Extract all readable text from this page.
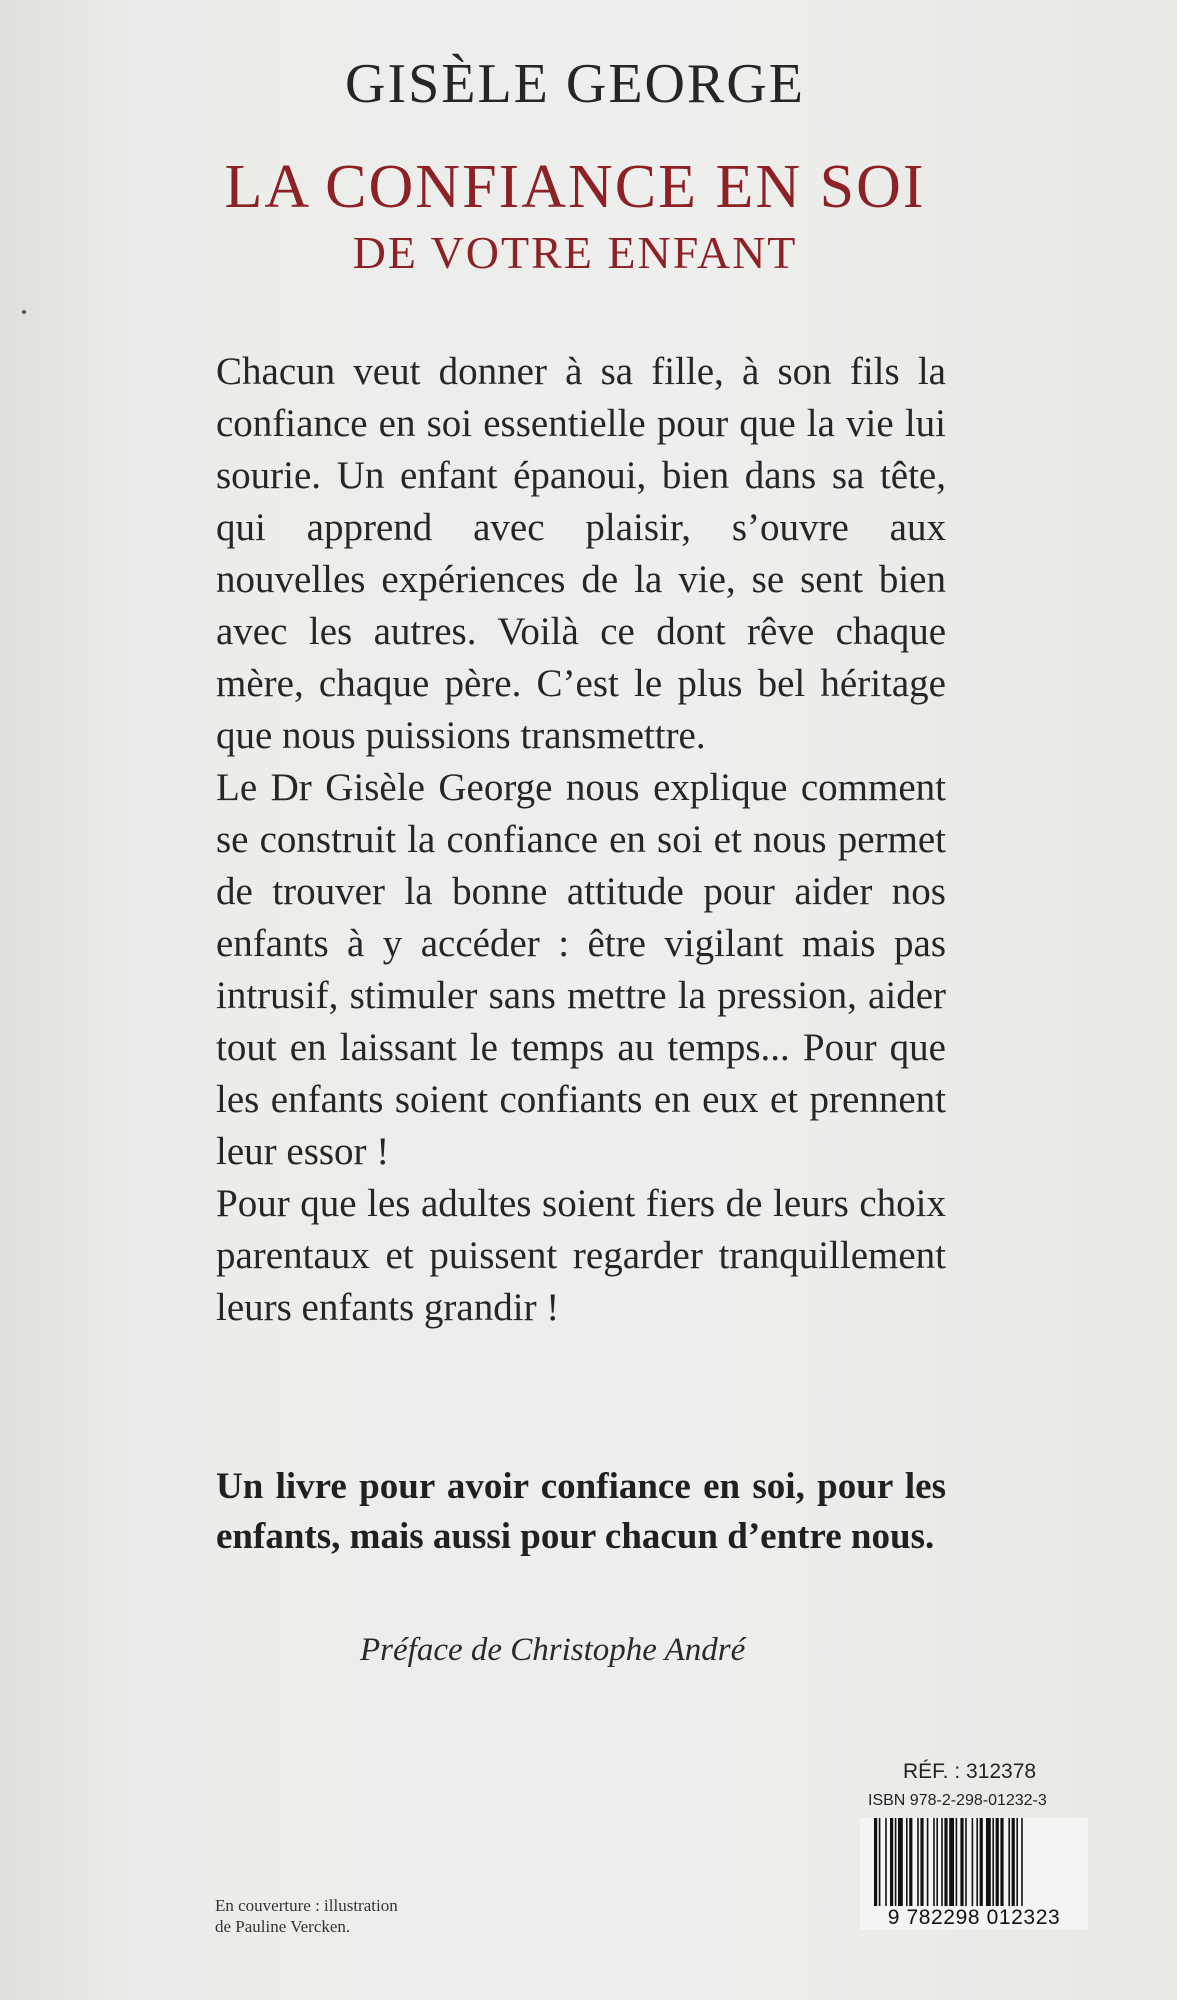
GISÈLE GEORGE
LA CONFIANCE EN SOI
DE VOTRE ENFANT

Chacun veut donner à sa fille, à son fils la confiance en soi essentielle pour que la vie lui sourie. Un enfant épanoui, bien dans sa tête, qui apprend avec plaisir, s’ouvre aux nouvelles expériences de la vie, se sent bien avec les autres. Voilà ce dont rêve chaque mère, chaque père. C’est le plus bel héritage que nous puissions transmettre.

Le Dr Gisèle George nous explique comment se construit la confiance en soi et nous permet de trouver la bonne attitude pour aider nos enfants à y accéder : être vigilant mais pas intrusif, stimuler sans mettre la pression, aider tout en laissant le temps au temps... Pour que les enfants soient confiants en eux et prennent leur essor !

Pour que les adultes soient fiers de leurs choix parentaux et puissent regarder tranquillement leurs enfants grandir !

Un livre pour avoir confiance en soi, pour les enfants, mais aussi pour chacun d’entre nous.
Préface de Christophe André
RÉF. : 312378
ISBN 978-2-298-01232-3
9 782298 012323
En couverture : illustration
de Pauline Vercken.
